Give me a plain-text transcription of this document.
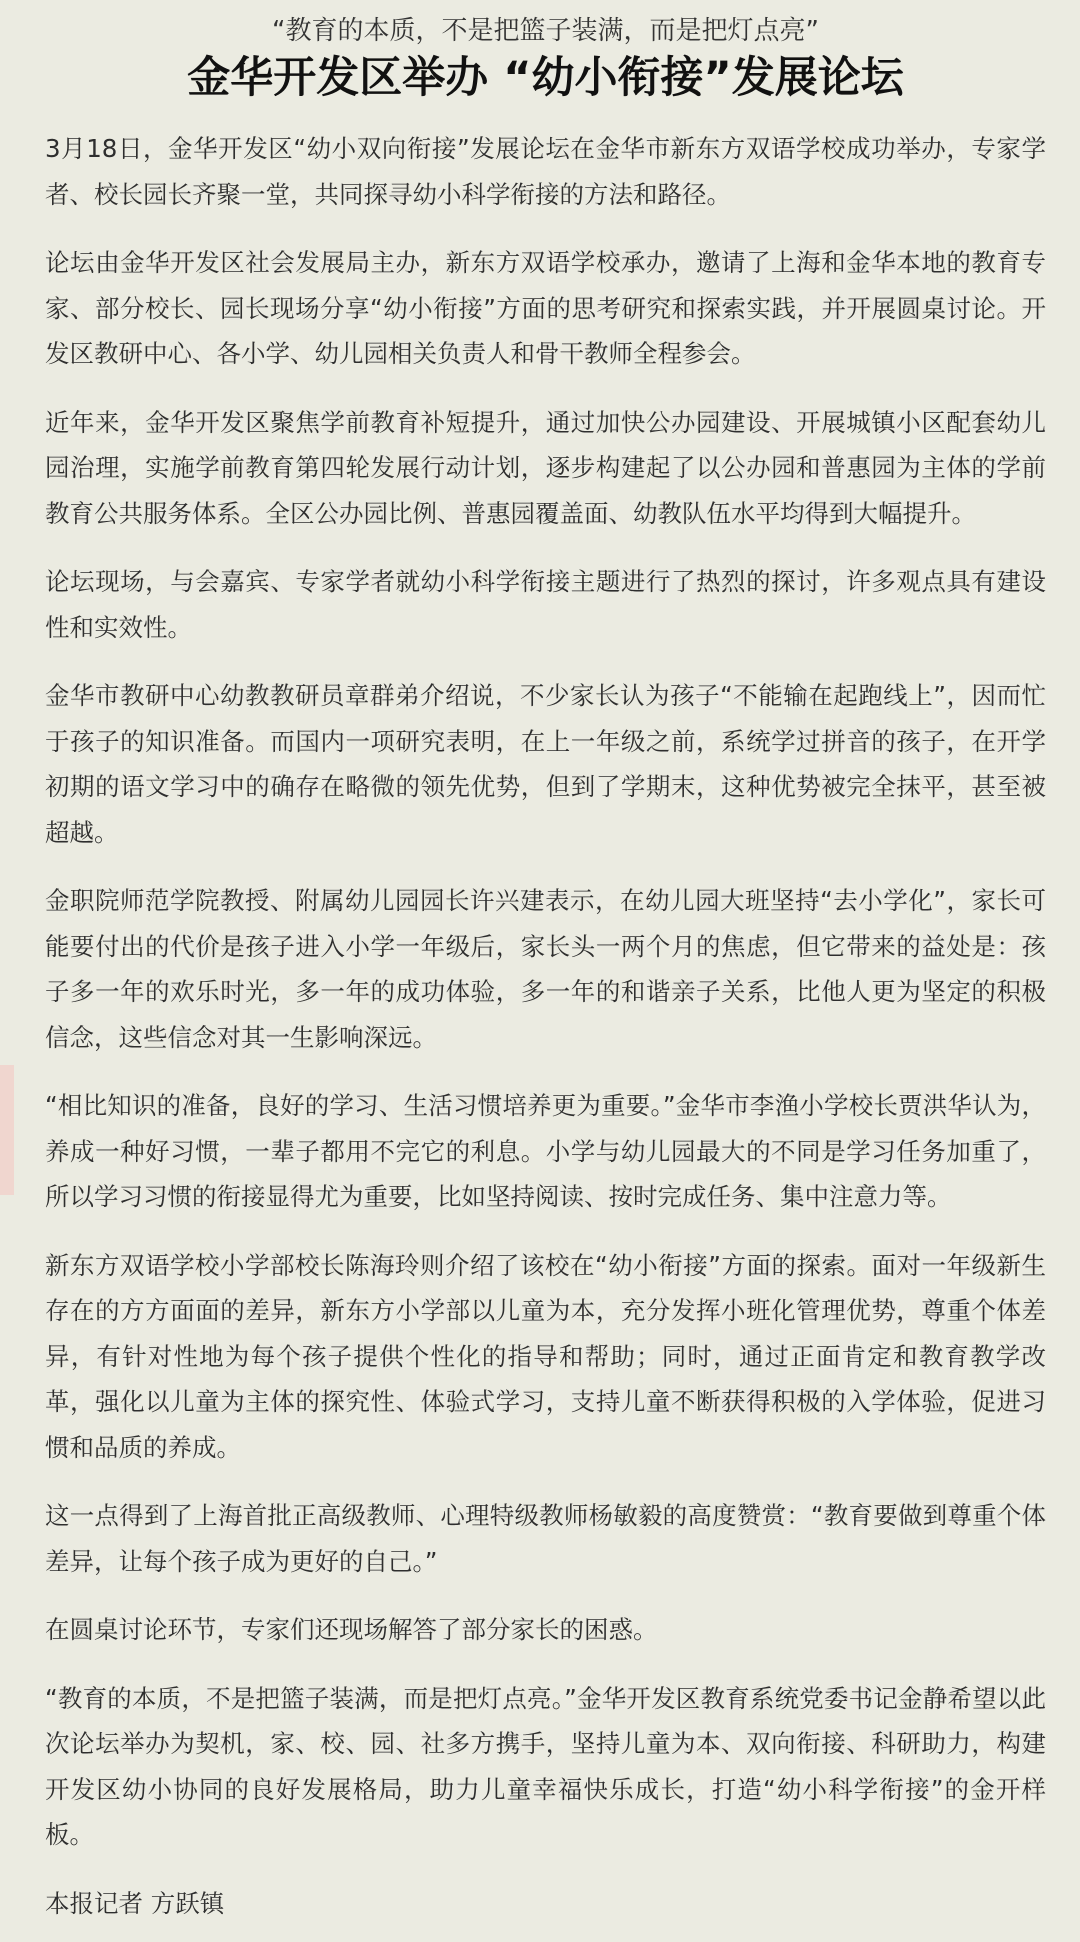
“教育的本质，不是把篮子装满，而是把灯点亮”

金华开发区举办 “幼小衔接”发展论坛

3月18日，金华开发区“幼小双向衔接”发展论坛在金华市新东方双语学校成功举办，专家学者、校长园长齐聚一堂，共同探寻幼小科学衔接的方法和路径。

论坛由金华开发区社会发展局主办，新东方双语学校承办，邀请了上海和金华本地的教育专家、部分校长、园长现场分享“幼小衔接”方面的思考研究和探索实践，并开展圆桌讨论。开发区教研中心、各小学、幼儿园相关负责人和骨干教师全程参会。

近年来，金华开发区聚焦学前教育补短提升，通过加快公办园建设、开展城镇小区配套幼儿园治理，实施学前教育第四轮发展行动计划，逐步构建起了以公办园和普惠园为主体的学前教育公共服务体系。全区公办园比例、普惠园覆盖面、幼教队伍水平均得到大幅提升。

论坛现场，与会嘉宾、专家学者就幼小科学衔接主题进行了热烈的探讨，许多观点具有建设性和实效性。

金华市教研中心幼教教研员章群弟介绍说，不少家长认为孩子“不能输在起跑线上”，因而忙于孩子的知识准备。而国内一项研究表明，在上一年级之前，系统学过拼音的孩子，在开学初期的语文学习中的确存在略微的领先优势，但到了学期末，这种优势被完全抹平，甚至被超越。

金职院师范学院教授、附属幼儿园园长许兴建表示，在幼儿园大班坚持“去小学化”，家长可能要付出的代价是孩子进入小学一年级后，家长头一两个月的焦虑，但它带来的益处是：孩子多一年的欢乐时光，多一年的成功体验，多一年的和谐亲子关系，比他人更为坚定的积极信念，这些信念对其一生影响深远。

“相比知识的准备，良好的学习、生活习惯培养更为重要。”金华市李渔小学校长贾洪华认为，养成一种好习惯，一辈子都用不完它的利息。小学与幼儿园最大的不同是学习任务加重了，所以学习习惯的衔接显得尤为重要，比如坚持阅读、按时完成任务、集中注意力等。

新东方双语学校小学部校长陈海玲则介绍了该校在“幼小衔接”方面的探索。面对一年级新生存在的方方面面的差异，新东方小学部以儿童为本，充分发挥小班化管理优势，尊重个体差异，有针对性地为每个孩子提供个性化的指导和帮助；同时，通过正面肯定和教育教学改革，强化以儿童为主体的探究性、体验式学习，支持儿童不断获得积极的入学体验，促进习惯和品质的养成。

这一点得到了上海首批正高级教师、心理特级教师杨敏毅的高度赞赏：“教育要做到尊重个体差异，让每个孩子成为更好的自己。”

在圆桌讨论环节，专家们还现场解答了部分家长的困惑。

“教育的本质，不是把篮子装满，而是把灯点亮。”金华开发区教育系统党委书记金静希望以此次论坛举办为契机，家、校、园、社多方携手，坚持儿童为本、双向衔接、科研助力，构建开发区幼小协同的良好发展格局，助力儿童幸福快乐成长，打造“幼小科学衔接”的金开样板。

本报记者 方跃镇
